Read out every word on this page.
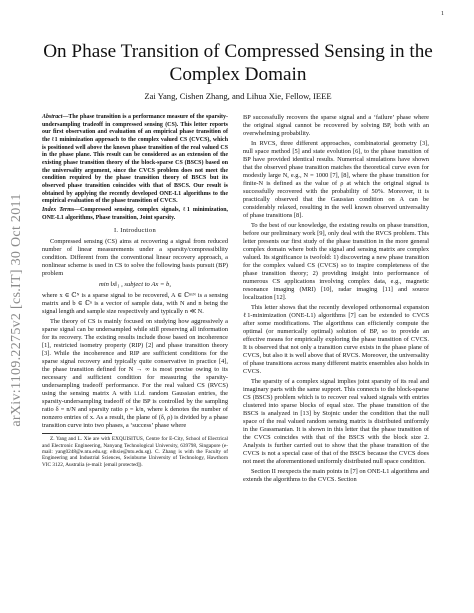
1
arXiv:1109.2275v2 [cs.IT] 30 Oct 2011
On Phase Transition of Compressed Sensing in the Complex Domain
Zai Yang, Cishen Zhang, and Lihua Xie, Fellow, IEEE

Abstract—The phase transition is a performance measure of the sparsity-undersampling tradeoff in compressed sensing (CS). This letter reports our first observation and evaluation of an empirical phase transition of the ℓ1 minimization approach to the complex valued CS (CVCS), which is positioned well above the known phase transition of the real valued CS in the phase plane. This result can be considered as an extension of the existing phase transition theory of the block-sparse CS (BSCS) based on the universality argument, since the CVCS problem does not meet the condition required by the phase transition theory of BSCS but its observed phase transition coincides with that of BSCS. Our result is obtained by applying the recently developed ONE-L1 algorithms to the empirical evaluation of the phase transition of CVCS.

Index Terms—Compressed sensing, complex signals, ℓ1 minimization, ONE-L1 algorithms, Phase transition, Joint sparsity.

I. Introduction

Compressed sensing (CS) aims at recovering a signal from reduced number of linear measurements under a sparsity/compressibility condition. Different from the conventional linear recovery approach, a nonlinear scheme is used in CS to solve the following basis pursuit (BP) problem

min ‖x‖₁ , subject to Ax = b,

where x ∈ ℂᴺ is a sparse signal to be recovered, A ∈ ℂⁿˣᴺ is a sensing matrix and b ∈ ℂⁿ is a vector of sample data, with N and n being the signal length and sample size respectively and typically n ≪ N.

The theory of CS is mainly focused on studying how aggressively a sparse signal can be undersampled while still preserving all information for its recovery. The existing results include those based on incoherence [1], restricted isometry property (RIP) [2] and phase transition theory [3]. While the incoherence and RIP are sufficient conditions for the sparse signal recovery and typically quite conservative in practice [4], the phase transition defined for N → ∞ is most precise owing to its necessary and sufficient condition for measuring the sparsity-undersampling tradeoff performance. For the real valued CS (RVCS) using the sensing matrix A with i.i.d. random Gaussian entries, the sparsity-undersampling tradeoff of the BP is controlled by the sampling ratio δ = n/N and sparsity ratio ρ = k/n, where k denotes the number of nonzero entries of x. As a result, the plane of (δ, ρ) is divided by a phase transition curve into two phases, a ‘success’ phase where

Z. Yang and L. Xie are with EXQUISITUS, Centre for E-City, School of Electrical and Electronic Engineering, Nanyang Technological University, 639798, Singapore (e-mail: yang0248@e.ntu.edu.sg; elhxie@ntu.edu.sg). C. Zhang is with the Faculty of Engineering and Industrial Sciences, Swinburne University of Technology, Hawthorn VIC 3122, Australia (e-mail: [email protected]).

BP successfully recovers the sparse signal and a ‘failure’ phase where the original signal cannot be recovered by solving BP, both with an overwhelming probability.

In RVCS, three different approaches, combinatorial geometry [3], null space method [5] and state evolution [6], to the phase transition of BP have provided identical results. Numerical simulations have shown that the observed phase transition matches the theoretical curve even for modestly large N, e.g., N = 1000 [7], [8], where the phase transition for finite-N is defined as the value of ρ at which the original signal is successfully recovered with the probability of 50%. Moreover, it is practically observed that the Gaussian condition on A can be considerably relaxed, resulting in the well known observed universality of phase transitions [8].

To the best of our knowledge, the existing results on phase transition, before our preliminary work [9], only deal with the RVCS problem. This letter presents our first study of the phase transition in the more general complex domain where both the signal and sensing matrix are complex valued. Its significance is twofold: 1) discovering a new phase transition for the complex valued CS (CVCS) so to inspire completeness of the phase transition theory; 2) providing insight into performance of numerous CS applications involving complex data, e.g., magnetic resonance imaging (MRI) [10], radar imaging [11] and source localization [12].

This letter shows that the recently developed orthonormal expansion ℓ1-minimization (ONE-L1) algorithms [7] can be extended to CVCS after some modifications. The algorithms can efficiently compute the optimal (or numerically optimal) solution of BP, so to provide an effective means for empirically exploring the phase transition of CVCS. It is observed that not only a transition curve exists in the phase plane of CVCS, but also it is well above that of RVCS. Moreover, the universality of phase transitions across many different matrix ensembles also holds in CVCS.

The sparsity of a complex signal implies joint sparsity of its real and imaginary parts with the same support. This connects to the block-sparse CS (BSCS) problem which is to recover real valued signals with entries clustered into sparse blocks of equal size. The phase transition of the BSCS is analyzed in [13] by Stojnic under the condition that the null space of the real valued random sensing matrix is distributed uniformly in the Grassmanian. It is shown in this letter that the phase transition of the CVCS coincides with that of the BSCS with the block size 2. Analysis is further carried out to show that the phase transition of the CVCS is not a special case of that of the BSCS because the CVCS does not meet the aforementioned uniformly distributed null space condition.

Section II reexpects the main points in [7] on ONE-L1 algorithms and extends the algorithms to the CVCS. Section
